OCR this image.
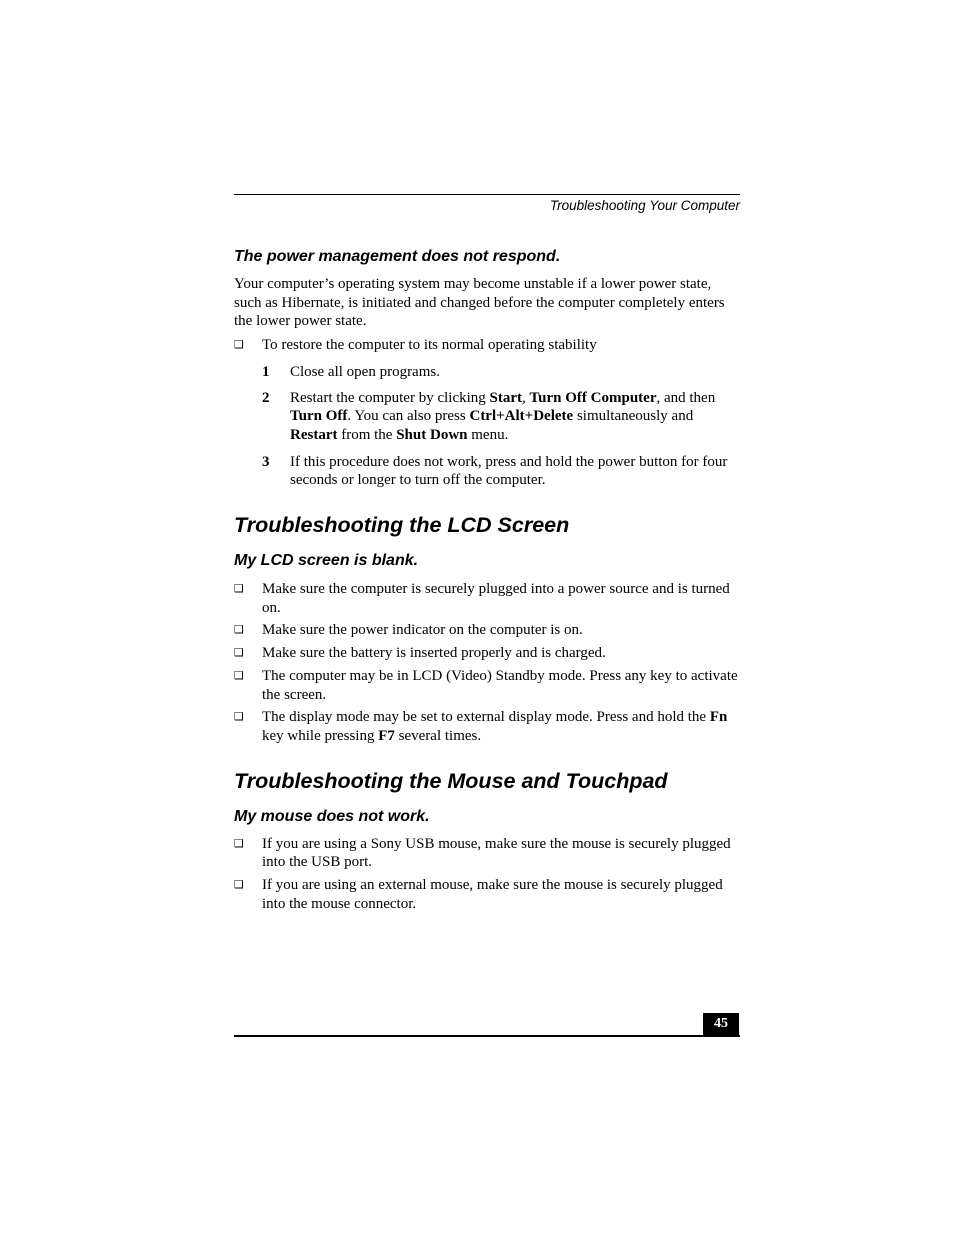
Troubleshooting Your Computer
The power management does not respond.

Your computer’s operating system may become unstable if a lower power state, such as Hibernate, is initiated and changed before the computer completely enters the lower power state.

❑	To restore the computer to its normal operating stability
1	Close all open programs.
2	Restart the computer by clicking Start, Turn Off Computer, and then Turn Off. You can also press Ctrl+Alt+Delete simultaneously and Restart from the Shut Down menu.
3	If this procedure does not work, press and hold the power button for four seconds or longer to turn off the computer.
Troubleshooting the LCD Screen
My LCD screen is blank.
❑	Make sure the computer is securely plugged into a power source and is turned on.
❑	Make sure the power indicator on the computer is on.
❑	Make sure the battery is inserted properly and is charged.
❑	The computer may be in LCD (Video) Standby mode. Press any key to activate the screen.
❑	The display mode may be set to external display mode. Press and hold the Fn key while pressing F7 several times.
Troubleshooting the Mouse and Touchpad
My mouse does not work.
❑	If you are using a Sony USB mouse, make sure the mouse is securely plugged into the USB port.
❑	If you are using an external mouse, make sure the mouse is securely plugged into the mouse connector.
45
